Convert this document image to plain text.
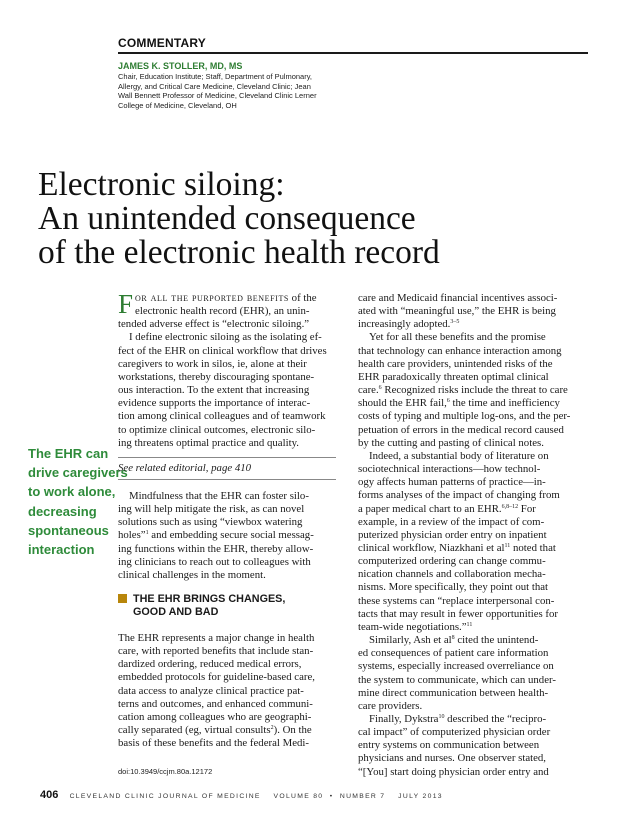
COMMENTARY
JAMES K. STOLLER, MD, MS
Chair, Education Institute; Staff, Department of Pulmonary,
Allergy, and Critical Care Medicine, Cleveland Clinic; Jean
Wall Bennett Professor of Medicine, Cleveland Clinic Lerner
College of Medicine, Cleveland, OH
Electronic siloing:
An unintended consequence
of the electronic health record
The EHR can
drive caregivers
to work alone,
decreasing
spontaneous
interaction
F or all the purported benefits of the
electronic health record (EHR), an unin-
tended adverse effect is “electronic siloing.”
I define electronic siloing as the isolating ef-
fect of the EHR on clinical workflow that drives
caregivers to work in silos, ie, alone at their
workstations, thereby discouraging spontane-
ous interaction. To the extent that increasing
evidence supports the importance of interac-
tion among clinical colleagues and of teamwork
to optimize clinical outcomes, electronic silo-
ing threatens optimal practice and quality.
See related editorial, page 410
Mindfulness that the EHR can foster silo-
ing will help mitigate the risk, as can novel
solutions such as using “viewbox watering
holes”$^1$ and embedding secure social messag-
ing functions within the EHR, thereby allow-
ing clinicians to reach out to colleagues with
clinical challenges in the moment.
THE EHR BRINGS CHANGES,
GOOD AND BAD
The EHR represents a major change in health
care, with reported benefits that include stan-
dardized ordering, reduced medical errors,
embedded protocols for guideline-based care,
data access to analyze clinical practice pat-
terns and outcomes, and enhanced communi-
cation among colleagues who are geographi-
cally separated (eg, virtual consults$^2$). On the
basis of these benefits and the federal Medi-
doi:10.3949/ccjm.80a.12172
care and Medicaid financial incentives associ-
ated with “meaningful use,” the EHR is being
increasingly adopted.$^{3-5}$
Yet for all these benefits and the promise
that technology can enhance interaction among
health care providers, unintended risks of the
EHR paradoxically threaten optimal clinical
care.$^6$ Recognized risks include the threat to care
should the EHR fail,$^6$ the time and inefficiency
costs of typing and multiple log-ons, and the per-
petuation of errors in the medical record caused
by the cutting and pasting of clinical notes.
Indeed, a substantial body of literature on
sociotechnical interactions—how technol-
ogy affects human patterns of practice—in-
forms analyses of the impact of changing from
a paper medical chart to an EHR.$^{6,8-12}$ For
example, in a review of the impact of com-
puterized physician order entry on inpatient
clinical workflow, Niazkhani et $al^{11}$ noted that
computerized ordering can change commu-
nication channels and collaboration mecha-
nisms. More specifically, they point out that
these systems can “replace interpersonal con-
tacts that may result in fewer opportunities for
team-wide negotiations.”$^{11}$
Similarly, Ash et $al^8$ cited the unintend-
ed consequences of patient care information
systems, especially increased overreliance on
the system to communicate, which can under-
mine direct communication between health-
care providers.
Finally, Dykstra$^{10}$ described the “recipro-
cal impact” of computerized physician order
entry systems on communication between
physicians and nurses. One observer stated,
“[You] start doing physician order entry and
406 CLEVELAND CLINIC JOURNAL OF MEDICINE VOLUME 80 • NUMBER 7 JULY 2013
